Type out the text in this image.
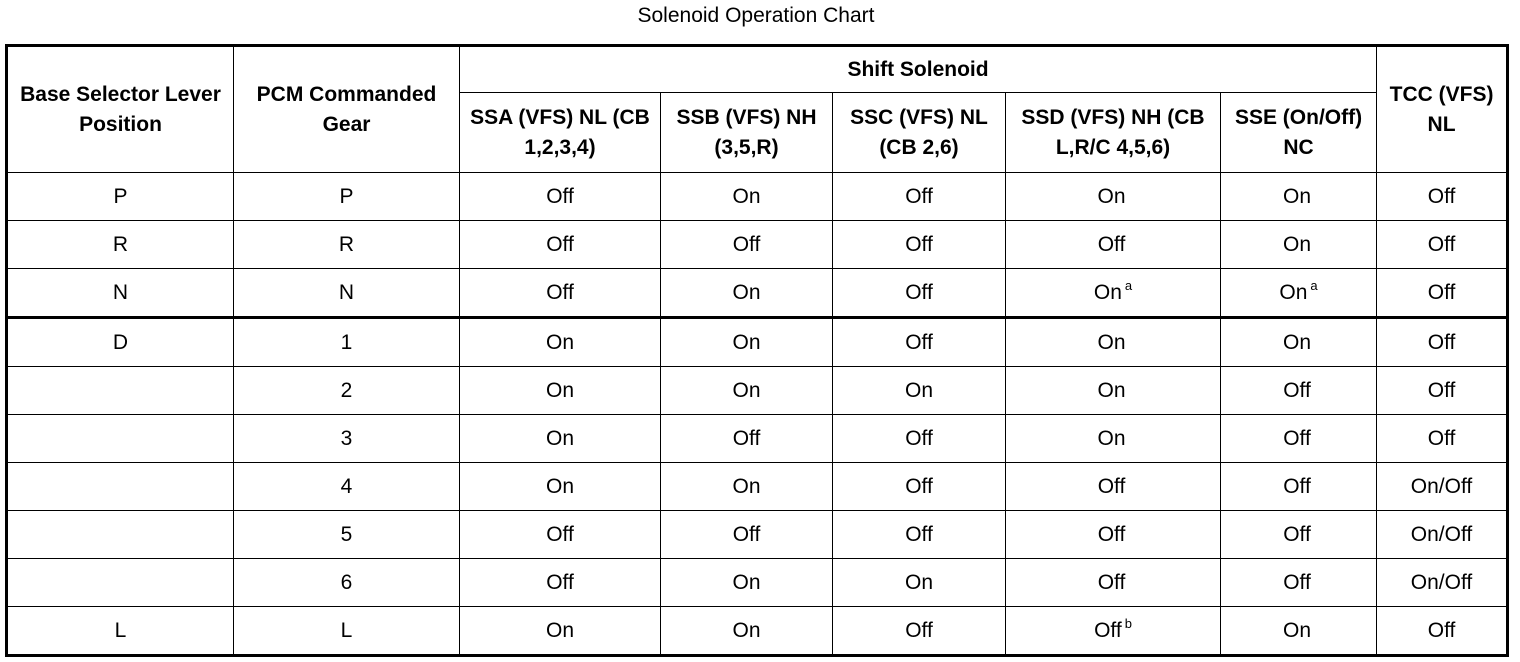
Solenoid Operation Chart
Base Selector Lever Position	PCM Commanded Gear	Shift Solenoid					TCC (VFS) NL
		SSA (VFS) NL (CB 1,2,3,4)	SSB (VFS) NH (3,5,R)	SSC (VFS) NL (CB 2,6)	SSD (VFS) NH (CB L,R/C 4,5,6)	SSE (On/Off) NC	
P	P	Off	On	Off	On	On	Off
R	R	Off	Off	Off	Off	On	Off
N	N	Off	On	Off	On $^a$	On $^a$	Off
D	1	On	On	Off	On	On	Off
	2	On	On	On	On	Off	Off
	3	On	Off	Off	On	Off	Off
	4	On	On	Off	Off	Off	On/Off
	5	Off	Off	Off	Off	Off	On/Off
	6	Off	On	On	Off	Off	On/Off
L	L	On	On	Off	Off $^b$	On	Off
